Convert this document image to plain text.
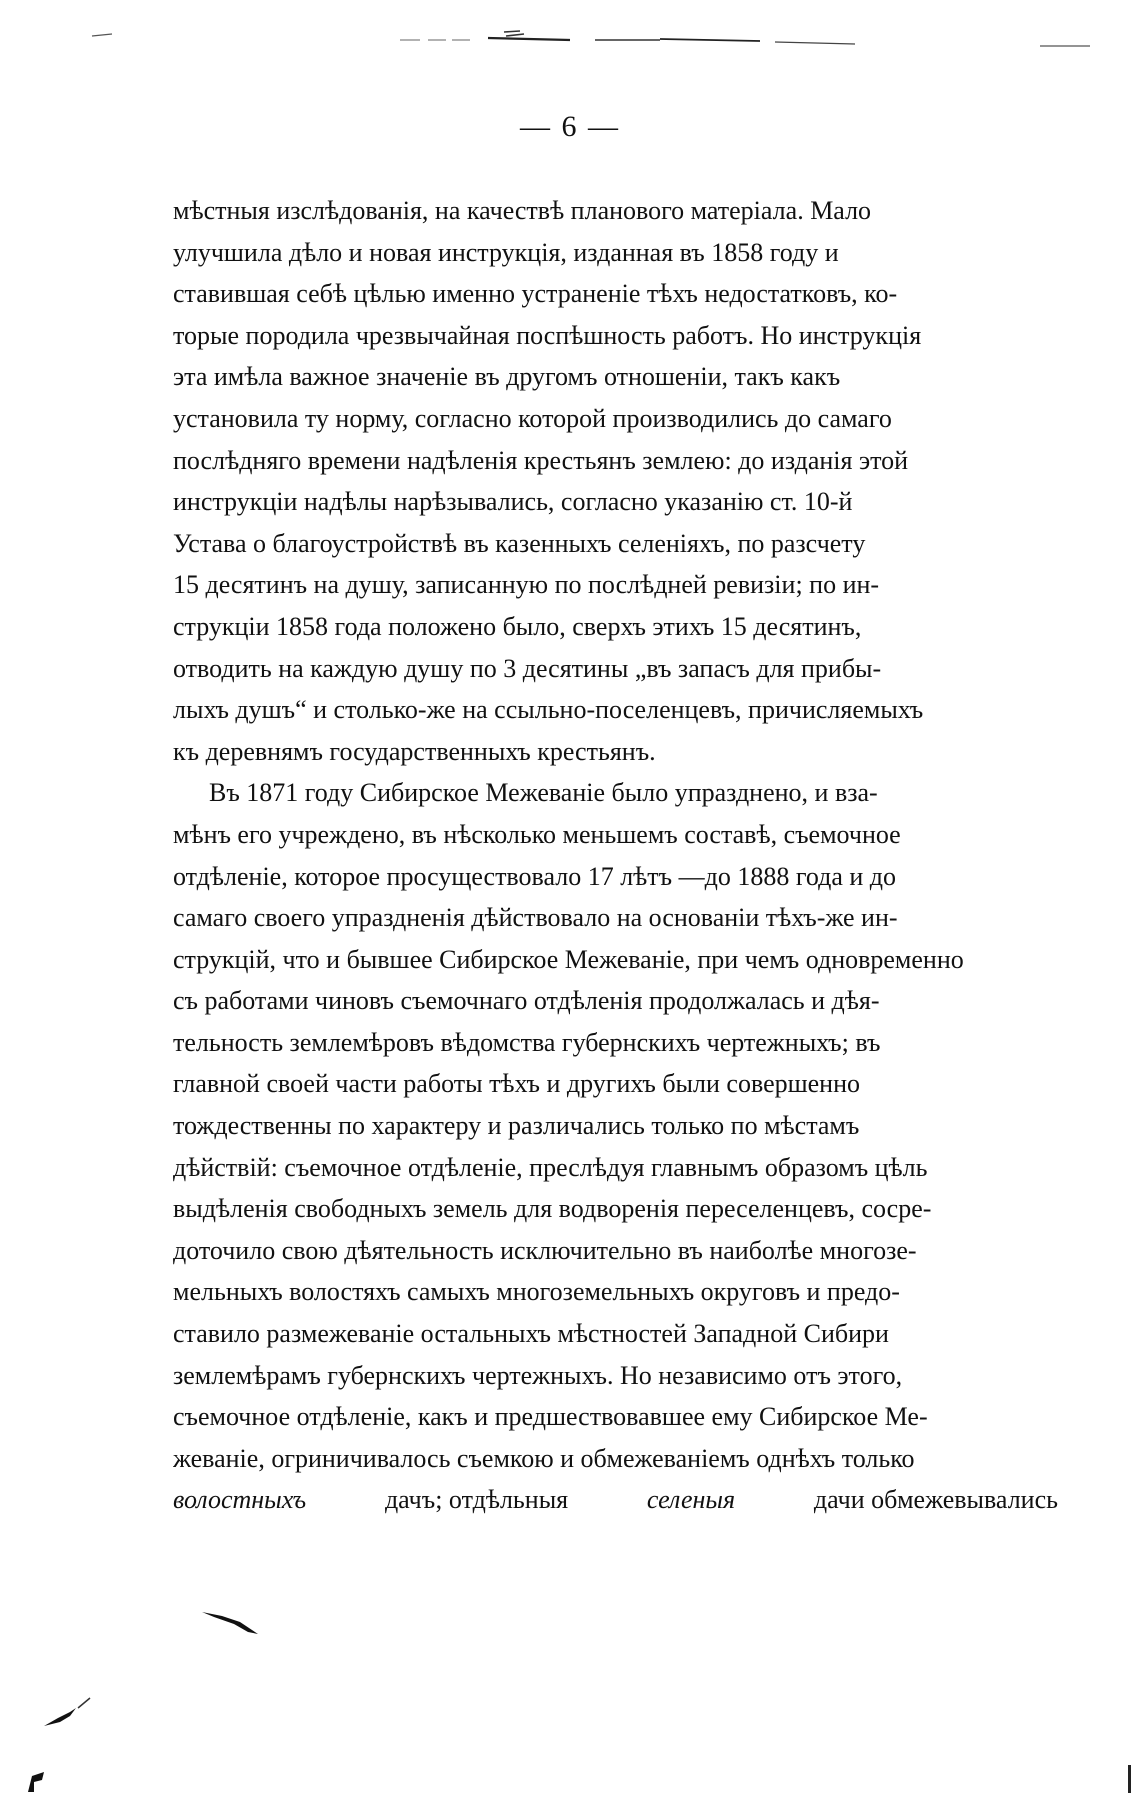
— 6 —
мѣстныя изслѣдованія, на качествѣ планового матеріала. Мало
улучшила дѣло и новая инструкція, изданная въ 1858 году и
ставившая себѣ цѣлью именно устраненіе тѣхъ недостатковъ, ко-
торые породила чрезвычайная поспѣшность работъ. Но инструкція
эта имѣла важное значеніе въ другомъ отношеніи, такъ какъ
установила ту норму, согласно которой производились до самаго
послѣдняго времени надѣленія крестьянъ землею: до изданія этой
инструкціи надѣлы нарѣзывались, согласно указанію ст. 10-й
Устава о благоустройствѣ въ казенныхъ селеніяхъ, по разсчету
15 десятинъ на душу, записанную по послѣдней ревизіи; по ин-
струкціи 1858 года положено было, сверхъ этихъ 15 десятинъ,
отводить на каждую душу по 3 десятины „въ запасъ для прибы-
лыхъ душъ“ и столько-же на ссыльно-поселенцевъ, причисляемыхъ
къ деревнямъ государственныхъ крестьянъ.
Въ 1871 году Сибирское Межеваніе было упразднено, и вза-
мѣнъ его учреждено, въ нѣсколько меньшемъ составѣ, съемочное
отдѣленіе, которое просуществовало 17 лѣтъ —до 1888 года и до
самаго своего упраздненія дѣйствовало на основаніи тѣхъ-же ин-
струкцій, что и бывшее Сибирское Межеваніе, при чемъ одновременно
съ работами чиновъ съемочнаго отдѣленія продолжалась и дѣя-
тельность землемѣровъ вѣдомства губернскихъ чертежныхъ; въ
главной своей части работы тѣхъ и другихъ были совершенно
тождественны по характеру и различались только по мѣстамъ
дѣйствій: съемочное отдѣленіе, преслѣдуя главнымъ образомъ цѣль
выдѣленія свободныхъ земель для водворенія переселенцевъ, сосре-
доточило свою дѣятельность исключительно въ наиболѣе многозе-
мельныхъ волостяхъ самыхъ многоземельныхъ округовъ и предо-
ставило размежеваніе остальныхъ мѣстностей Западной Сибири
землемѣрамъ губернскихъ чертежныхъ. Но независимо отъ этого,
съемочное отдѣленіе, какъ и предшествовавшее ему Сибирское Ме-
жеваніе, огриничивалось съемкою и обмежеваніемъ однѣхъ только
волостныхъ	дачъ; отдѣльныя	селеныя	дачи обмежевывались
